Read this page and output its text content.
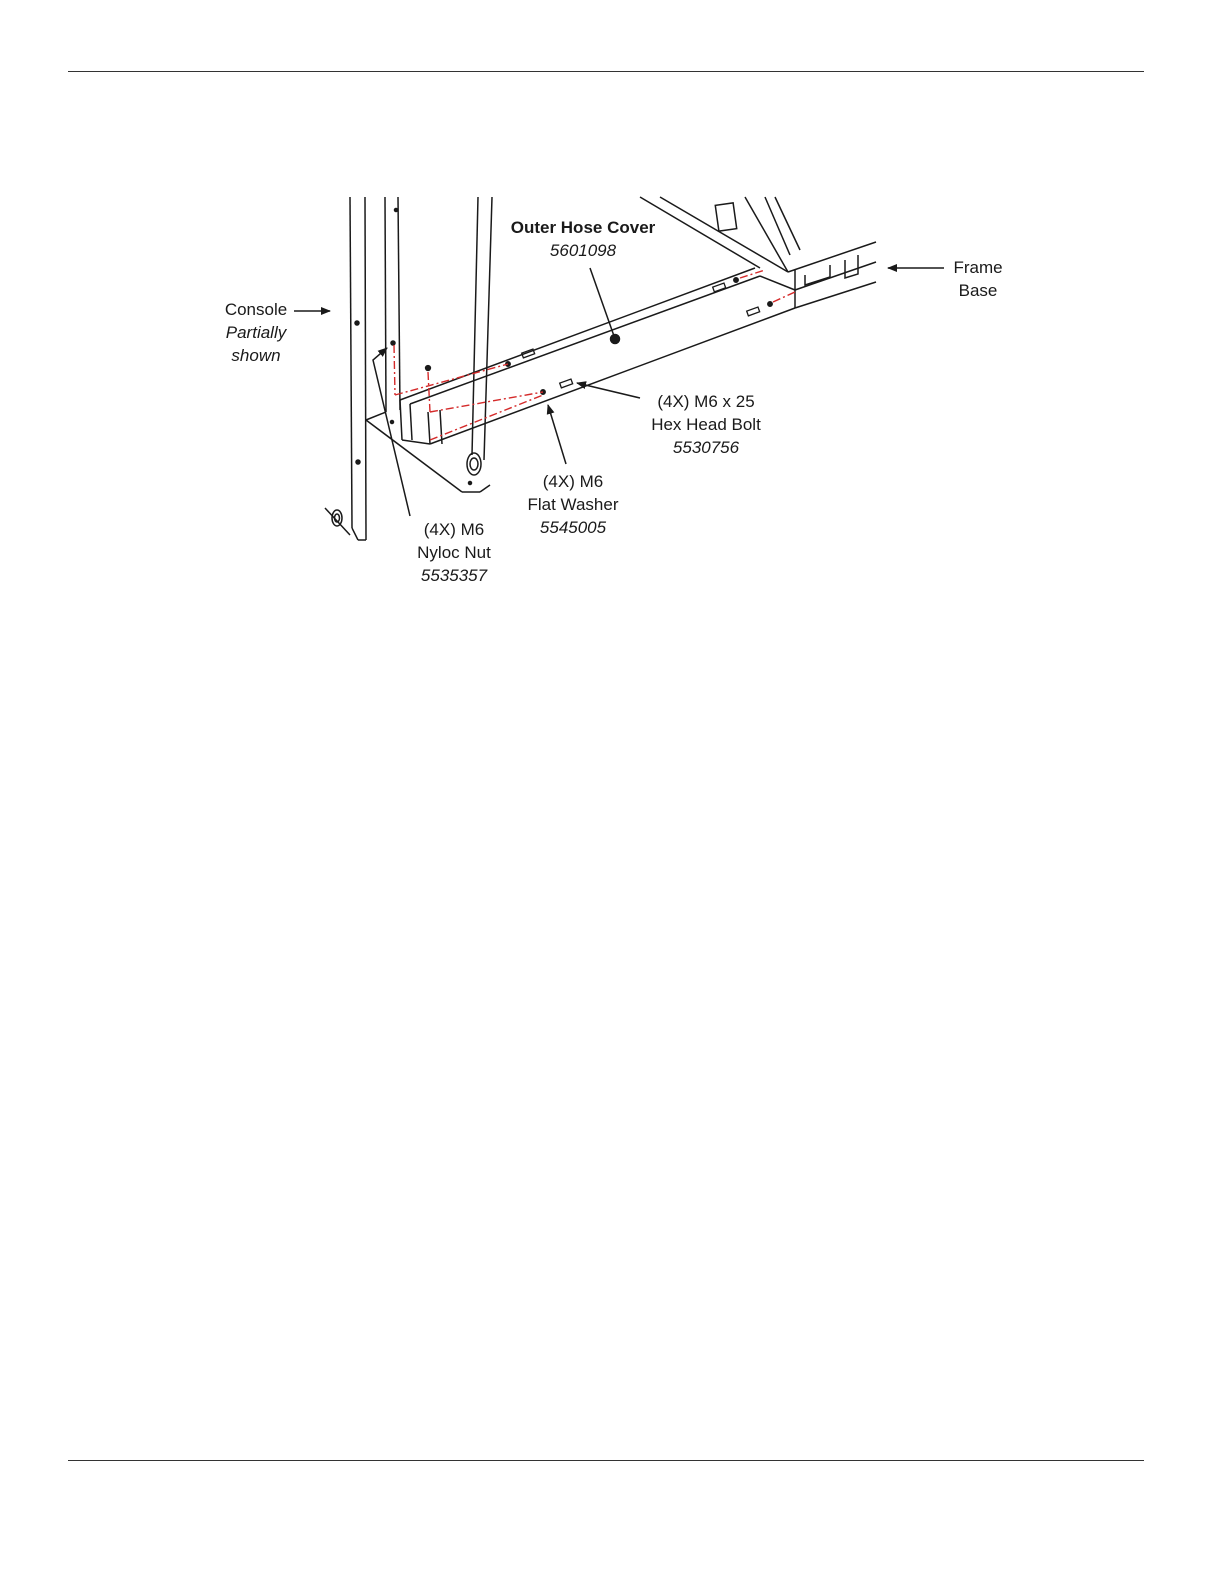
Outer Hose Cover
5601098
Console
Partially
shown
Frame
Base
(4X) M6 x 25
Hex Head Bolt
5530756
(4X) M6
Flat Washer
5545005
(4X) M6
Nyloc Nut
5535357
